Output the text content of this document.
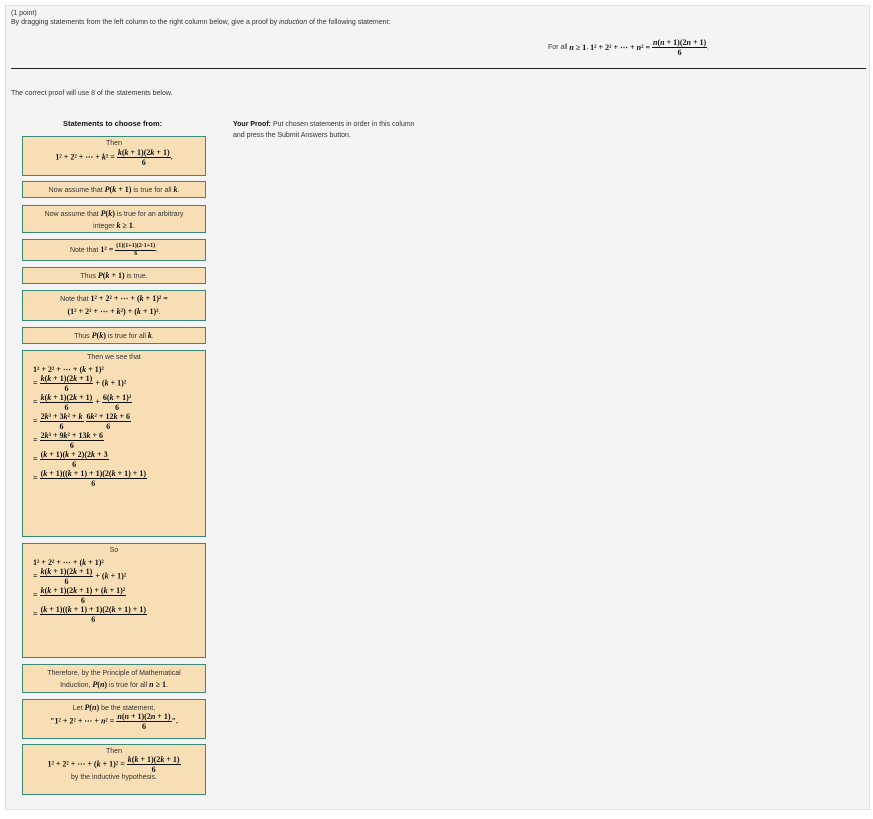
(1 point)
By dragging statements from the left column to the right column below, give a proof by induction of the following statement:
For all n ≥ 1, 1² + 2² + ⋯ + $n^2 = \frac{n(n + 1)(2n + 1)}{6}$ .
The correct proof will use 8 of the statements below.
Statements to choose from:	Your Proof: Put chosen statements in order in this column and press the Submit Answers button.
Then
1² + 2² + ⋯ + $k^2 = \frac{k(k + 1)(2k + 1)}{6}$ .
Now assume that P(k + 1) is true for all k.
Now assume that P(k) is true for an arbitrary
integer k ≥ 1.
Note that $1^2 = \frac{(1)(1+1)(2\cdot 1+1)}{6}$ .
Thus P(k + 1) is true.
Note that 1² + 2² + ⋯ + (k + 1)² =
(1² + 2² + ⋯ + k²) + (k + 1)².
Thus P(k) is true for all k.
Then we see that
1² + 2² + ⋯ + (k + 1)²
= $\frac{k(k + 1)(2k + 1)}{6} + (k + 1)^2$
= $\frac{k(k + 1)(2k + 1)}{6} + \frac{\text{6(k + 1)²}}{6}$
= $\frac{\text{2k³ + 3k² + k}}{6}$
$\frac{\text{6k² + 12k + 6}}{6}$
= $\frac{\text{2k³ + 9k² + 13k + 6}}{6}$
= $\frac{(k + 1)(k + 2)(2k + 3}{6}$
= $\frac{(k + 1)((k + 1) + 1)(2(k + 1) + 1)}{6}$
So
1² + 2² + ⋯ + (k + 1)²
= $\frac{k(k + 1)(2k + 1)}{6} + (k + 1)^2$
= $\frac{\text{k(k + 1)(2k + 1) + (k + 1)²}}{6}$
= $\frac{(k + 1)((k + 1) + 1)(2(k + 1) + 1)}{6}$
Therefore, by the Principle of Mathematical
Induction, P(n) is true for all n ≥ 1.
Let P(n) be the statement,
"1² + 2² + ⋯ + $n^2 = \frac{n(n + 1)(2n + 1)}{6}$ ".
Then
1² + 2² + ⋯ + $(k + 1)^2 = \frac{k(k + 1)(2k + 1)}{6}$
by the inductive hypothesis.
